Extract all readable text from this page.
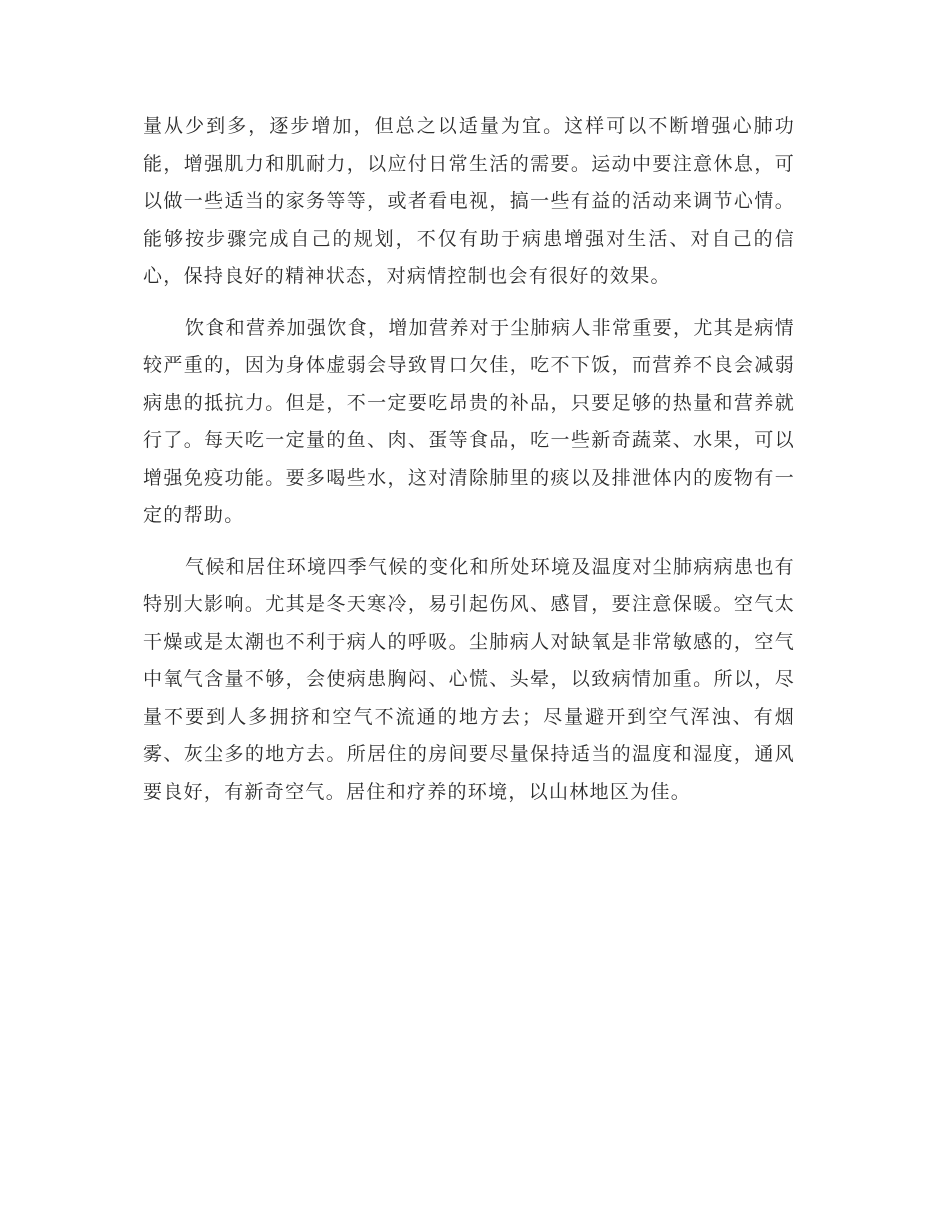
量从少到多，逐步增加，但总之以适量为宜。这样可以不断增强心肺功能，增强肌力和肌耐力，以应付日常生活的需要。运动中要注意休息，可以做一些适当的家务等等，或者看电视，搞一些有益的活动来调节心情。能够按步骤完成自己的规划，不仅有助于病患增强对生活、对自己的信心，保持良好的精神状态，对病情控制也会有很好的效果。

饮食和营养加强饮食，增加营养对于尘肺病人非常重要，尤其是病情较严重的，因为身体虚弱会导致胃口欠佳，吃不下饭，而营养不良会减弱病患的抵抗力。但是，不一定要吃昂贵的补品，只要足够的热量和营养就行了。每天吃一定量的鱼、肉、蛋等食品，吃一些新奇蔬菜、水果，可以增强免疫功能。要多喝些水，这对清除肺里的痰以及排泄体内的废物有一定的帮助。

气候和居住环境四季气候的变化和所处环境及温度对尘肺病病患也有特别大影响。尤其是冬天寒冷，易引起伤风、感冒，要注意保暖。空气太干燥或是太潮也不利于病人的呼吸。尘肺病人对缺氧是非常敏感的，空气中氧气含量不够，会使病患胸闷、心慌、头晕，以致病情加重。所以，尽量不要到人多拥挤和空气不流通的地方去；尽量避开到空气浑浊、有烟雾、灰尘多的地方去。所居住的房间要尽量保持适当的温度和湿度，通风要良好，有新奇空气。居住和疗养的环境，以山林地区为佳。
